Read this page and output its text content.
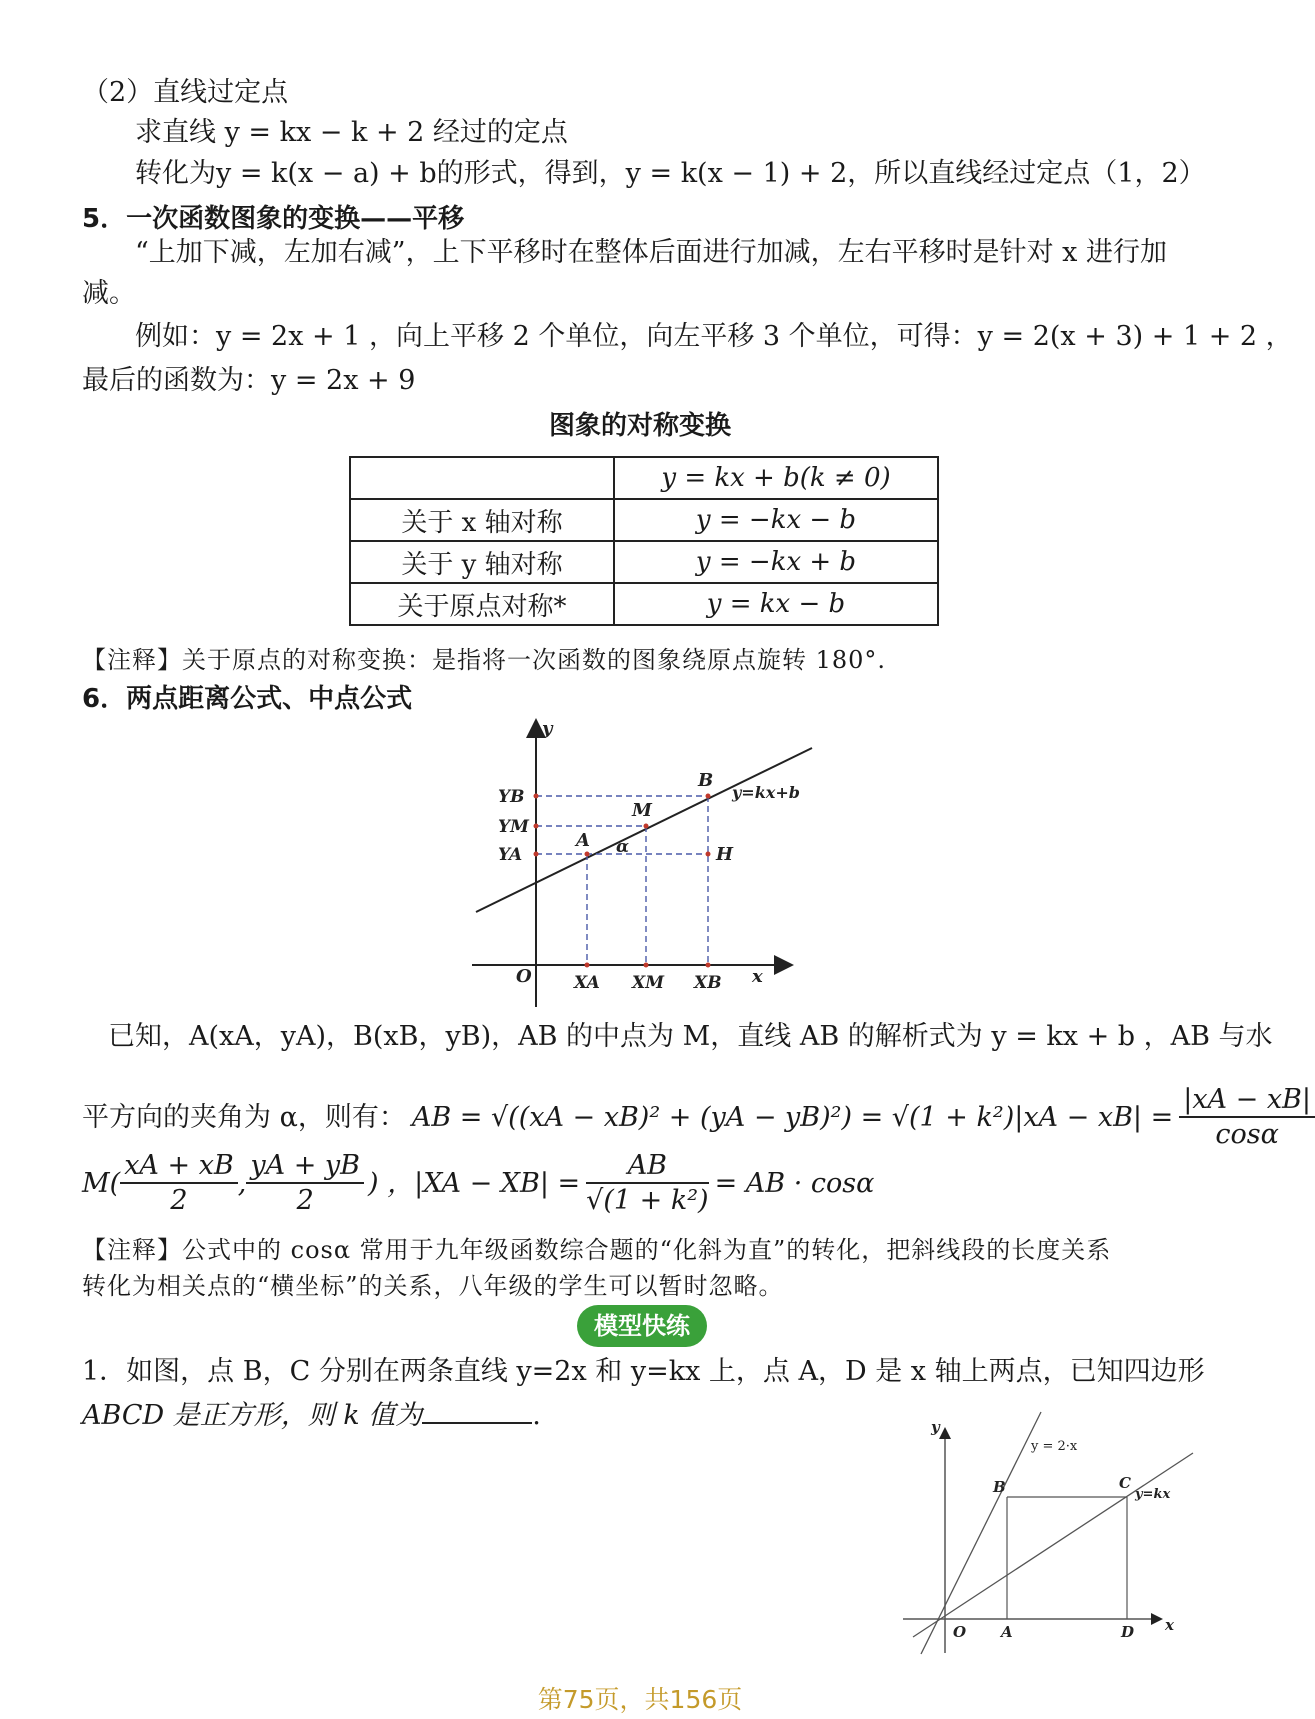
（2）直线过定点
求直线 y = kx − k + 2 经过的定点
转化为y = k(x − a) + b的形式，得到，y = k(x − 1) + 2，所以直线经过定点（1，2）
5．一次函数图象的变换——平移
“上加下减，左加右减”，上下平移时在整体后面进行加减，左右平移时是针对 x 进行加
减。
例如：y = 2x + 1 ，向上平移 2 个单位，向左平移 3 个单位，可得：y = 2(x + 3) + 1 + 2 ，
最后的函数为：y = 2x + 9
图象的对称变换
	y = kx + b(k ≠ 0)
关于 x 轴对称	y = −kx − b
关于 y 轴对称	y = −kx + b
关于原点对称*	y = kx − b
【注释】关于原点的对称变换：是指将一次函数的图象绕原点旋转 180°.
6．两点距离公式、中点公式
y
x
O
YB
YM
YA
XA XM XB
A
M
B
H
α
y=kx+b
已知，A(xA，yA)，B(xB，yB)，AB 的中点为 M，直线 AB 的解析式为 y = kx + b ，AB 与水
平方向的夹角为 α，则有： AB = $√((xA - xB)^2 + (yA - yB)^2) = √(1 + k^2)|xA - xB| = \frac{|xA - xB|}{\cos\alpha}$
$M( \frac{xA + xB}{2}$ , $\frac{yA + yB}{2}$ ) ，$|XA - XB| = \frac{AB}{\text{√(1 + k²)}}$ = AB · cosα
【注释】公式中的 cosα 常用于九年级函数综合题的“化斜为直”的转化，把斜线段的长度关系
转化为相关点的“横坐标”的关系，八年级的学生可以暂时忽略。
模型快练
1．如图，点 B，C 分别在两条直线 y=2x 和 y=kx 上，点 A，D 是 x 轴上两点，已知四边形
ABCD 是正方形，则 k 值为	.	y
x
O A	D
B	C
y=kx
y = 2·x
第75页，共156页
